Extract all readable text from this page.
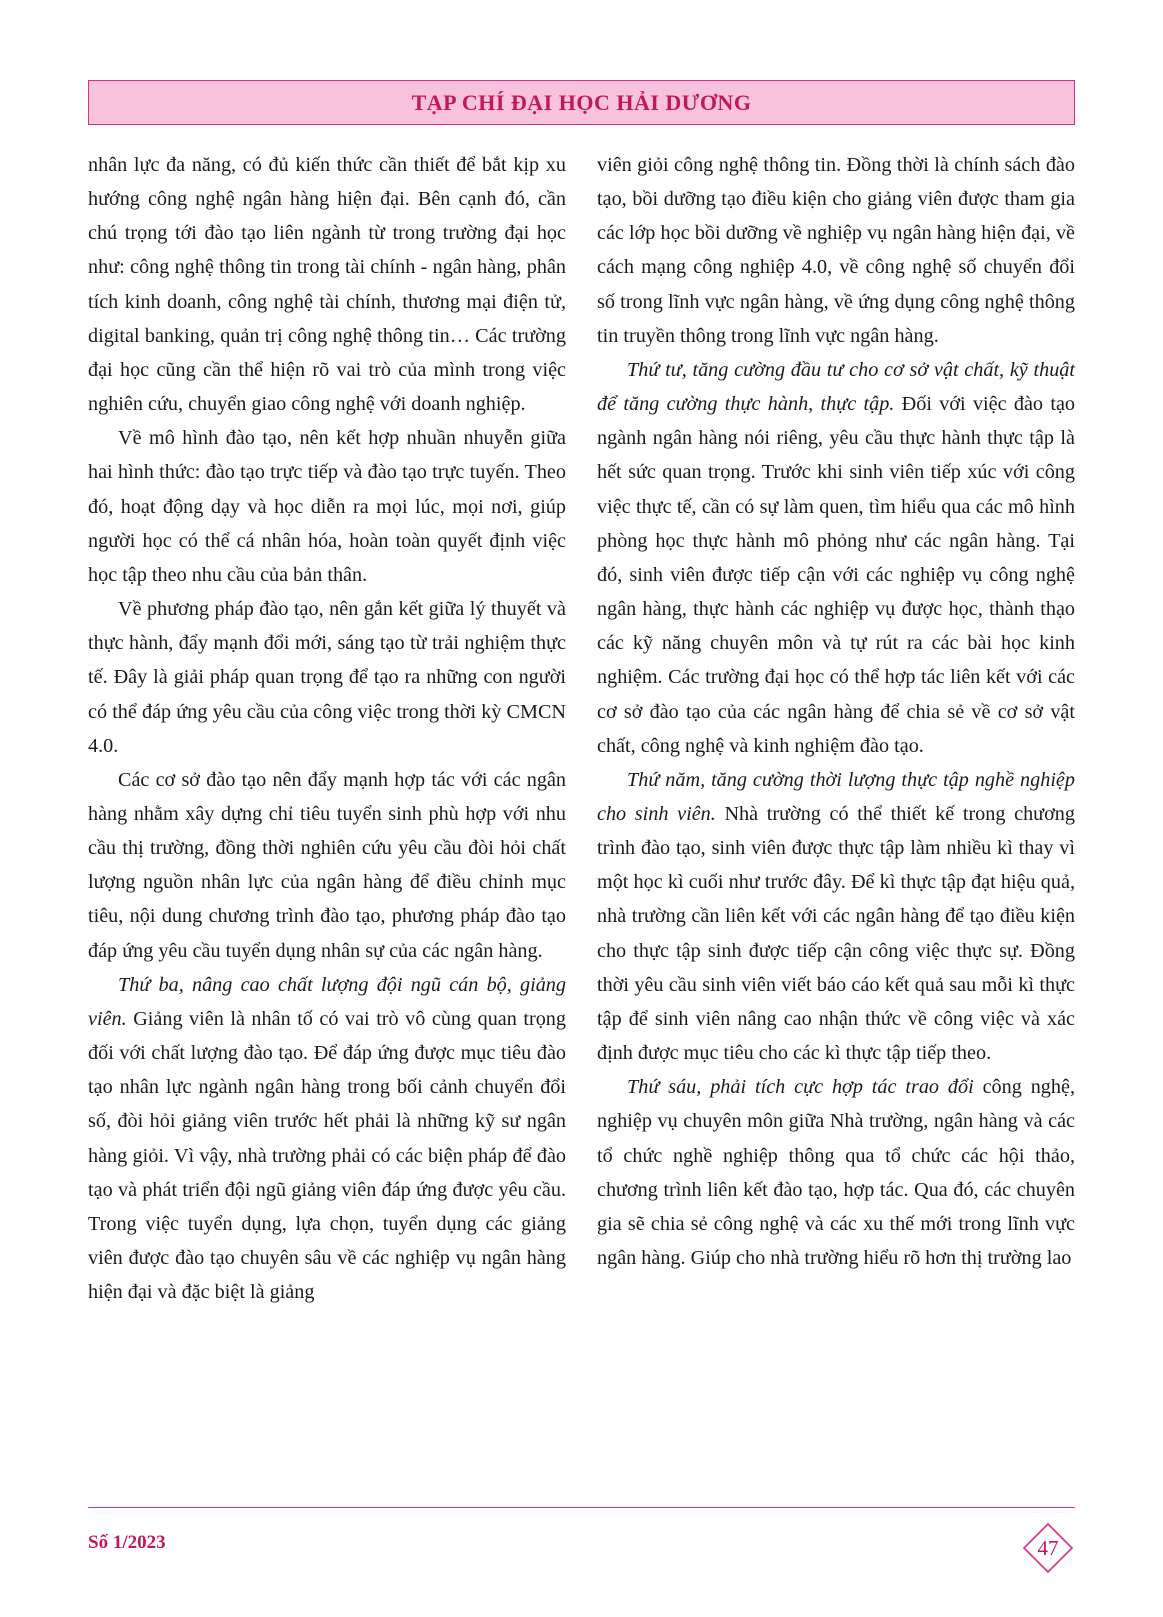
TẠP CHÍ ĐẠI HỌC HẢI DƯƠNG

nhân lực đa năng, có đủ kiến thức cần thiết để bắt kịp xu hướng công nghệ ngân hàng hiện đại. Bên cạnh đó, cần chú trọng tới đào tạo liên ngành từ trong trường đại học như: công nghệ thông tin trong tài chính - ngân hàng, phân tích kinh doanh, công nghệ tài chính, thương mại điện tử, digital banking, quản trị công nghệ thông tin… Các trường đại học cũng cần thể hiện rõ vai trò của mình trong việc nghiên cứu, chuyển giao công nghệ với doanh nghiệp.

Về mô hình đào tạo, nên kết hợp nhuần nhuyễn giữa hai hình thức: đào tạo trực tiếp và đào tạo trực tuyến. Theo đó, hoạt động dạy và học diễn ra mọi lúc, mọi nơi, giúp người học có thể cá nhân hóa, hoàn toàn quyết định việc học tập theo nhu cầu của bản thân.

Về phương pháp đào tạo, nên gắn kết giữa lý thuyết và thực hành, đẩy mạnh đổi mới, sáng tạo từ trải nghiệm thực tế. Đây là giải pháp quan trọng để tạo ra những con người có thể đáp ứng yêu cầu của công việc trong thời kỳ CMCN 4.0.

Các cơ sở đào tạo nên đẩy mạnh hợp tác với các ngân hàng nhằm xây dựng chỉ tiêu tuyển sinh phù hợp với nhu cầu thị trường, đồng thời nghiên cứu yêu cầu đòi hỏi chất lượng nguồn nhân lực của ngân hàng để điều chỉnh mục tiêu, nội dung chương trình đào tạo, phương pháp đào tạo đáp ứng yêu cầu tuyển dụng nhân sự của các ngân hàng.

Thứ ba, nâng cao chất lượng đội ngũ cán bộ, giảng viên. Giảng viên là nhân tố có vai trò vô cùng quan trọng đối với chất lượng đào tạo. Để đáp ứng được mục tiêu đào tạo nhân lực ngành ngân hàng trong bối cảnh chuyển đổi số, đòi hỏi giảng viên trước hết phải là những kỹ sư ngân hàng giỏi. Vì vậy, nhà trường phải có các biện pháp để đào tạo và phát triển đội ngũ giảng viên đáp ứng được yêu cầu. Trong việc tuyển dụng, lựa chọn, tuyển dụng các giảng viên được đào tạo chuyên sâu về các nghiệp vụ ngân hàng hiện đại và đặc biệt là giảng

viên giỏi công nghệ thông tin. Đồng thời là chính sách đào tạo, bồi dưỡng tạo điều kiện cho giảng viên được tham gia các lớp học bồi dưỡng về nghiệp vụ ngân hàng hiện đại, về cách mạng công nghiệp 4.0, về công nghệ số chuyển đổi số trong lĩnh vực ngân hàng, về ứng dụng công nghệ thông tin truyền thông trong lĩnh vực ngân hàng.

Thứ tư, tăng cường đầu tư cho cơ sở vật chất, kỹ thuật để tăng cường thực hành, thực tập. Đối với việc đào tạo ngành ngân hàng nói riêng, yêu cầu thực hành thực tập là hết sức quan trọng. Trước khi sinh viên tiếp xúc với công việc thực tế, cần có sự làm quen, tìm hiểu qua các mô hình phòng học thực hành mô phỏng như các ngân hàng. Tại đó, sinh viên được tiếp cận với các nghiệp vụ công nghệ ngân hàng, thực hành các nghiệp vụ được học, thành thạo các kỹ năng chuyên môn và tự rút ra các bài học kinh nghiệm. Các trường đại học có thể hợp tác liên kết với các cơ sở đào tạo của các ngân hàng để chia sẻ về cơ sở vật chất, công nghệ và kinh nghiệm đào tạo.

Thứ năm, tăng cường thời lượng thực tập nghề nghiệp cho sinh viên. Nhà trường có thể thiết kế trong chương trình đào tạo, sinh viên được thực tập làm nhiều kì thay vì một học kì cuối như trước đây. Để kì thực tập đạt hiệu quả, nhà trường cần liên kết với các ngân hàng để tạo điều kiện cho thực tập sinh được tiếp cận công việc thực sự. Đồng thời yêu cầu sinh viên viết báo cáo kết quả sau mỗi kì thực tập để sinh viên nâng cao nhận thức về công việc và xác định được mục tiêu cho các kì thực tập tiếp theo.

Thứ sáu, phải tích cực hợp tác trao đổi công nghệ, nghiệp vụ chuyên môn giữa Nhà trường, ngân hàng và các tổ chức nghề nghiệp thông qua tổ chức các hội thảo, chương trình liên kết đào tạo, hợp tác. Qua đó, các chuyên gia sẽ chia sẻ công nghệ và các xu thế mới trong lĩnh vực ngân hàng. Giúp cho nhà trường hiểu rõ hơn thị trường lao

Số 1/2023	47
